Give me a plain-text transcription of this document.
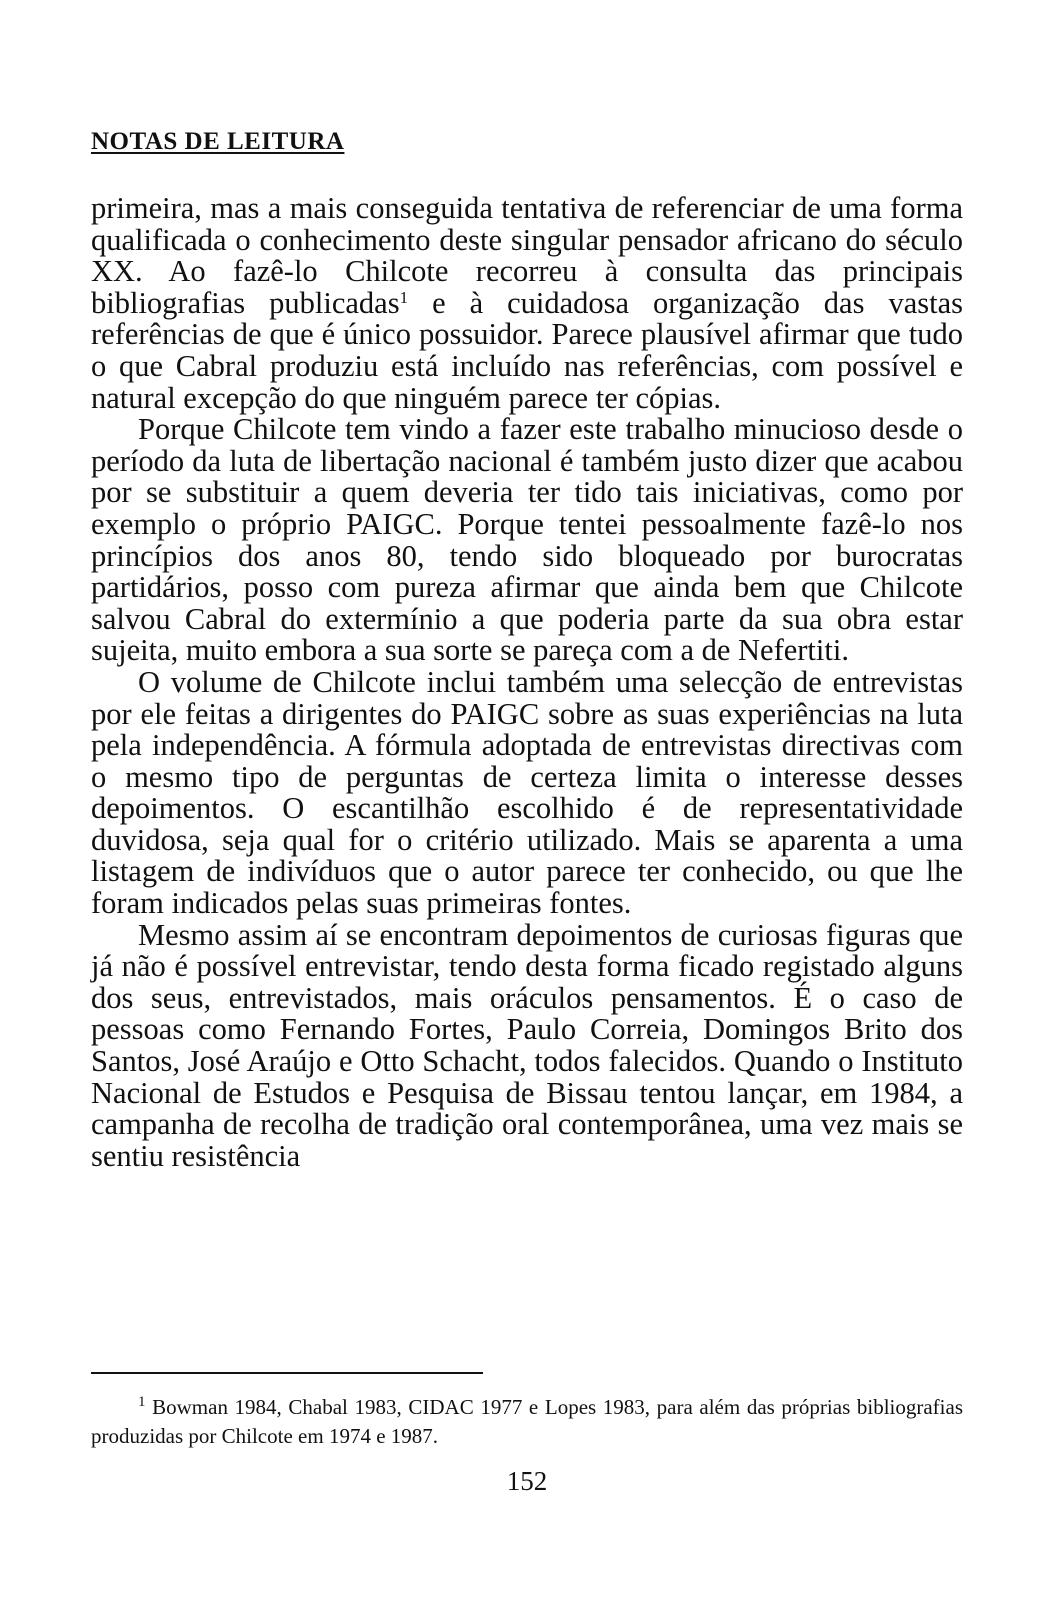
NOTAS DE LEITURA

primeira, mas a mais conseguida tentativa de referenciar de uma forma qualificada o conhecimento deste singular pensador africano do século XX. Ao fazê-lo Chilcote recorreu à consulta das principais bibliografias publicadas$^1$ e à cuidadosa organização das vastas referências de que é único possuidor. Parece plausível afirmar que tudo o que Cabral produziu está incluído nas referências, com possível e natural excepção do que ninguém parece ter cópias.

Porque Chilcote tem vindo a fazer este trabalho minucioso desde o período da luta de libertação nacional é também justo dizer que acabou por se substituir a quem deveria ter tido tais iniciativas, como por exemplo o próprio PAIGC. Porque tentei pessoalmente fazê-lo nos princípios dos anos 80, tendo sido bloqueado por burocratas partidários, posso com pureza afirmar que ainda bem que Chilcote salvou Cabral do extermínio a que poderia parte da sua obra estar sujeita, muito embora a sua sorte se pareça com a de Nefertiti.

O volume de Chilcote inclui também uma selecção de entrevistas por ele feitas a dirigentes do PAIGC sobre as suas experiências na luta pela independência. A fórmula adoptada de entrevistas directivas com o mesmo tipo de perguntas de certeza limita o interesse desses depoimentos. O escantilhão escolhido é de representatividade duvidosa, seja qual for o critério utilizado. Mais se aparenta a uma listagem de indivíduos que o autor parece ter conhecido, ou que lhe foram indicados pelas suas primeiras fontes.

Mesmo assim aí se encontram depoimentos de curiosas figuras que já não é possível entrevistar, tendo desta forma ficado registado alguns dos seus, entrevistados, mais oráculos pensamentos. É o caso de pessoas como Fernando Fortes, Paulo Correia, Domingos Brito dos Santos, José Araújo e Otto Schacht, todos falecidos. Quando o Instituto Nacional de Estudos e Pesquisa de Bissau tentou lançar, em 1984, a campanha de recolha de tradição oral contemporânea, uma vez mais se sentiu resistência

$^1$ Bowman 1984, Chabal 1983, CIDAC 1977 e Lopes 1983, para além das próprias bibliografias produzidas por Chilcote em 1974 e 1987.

152
